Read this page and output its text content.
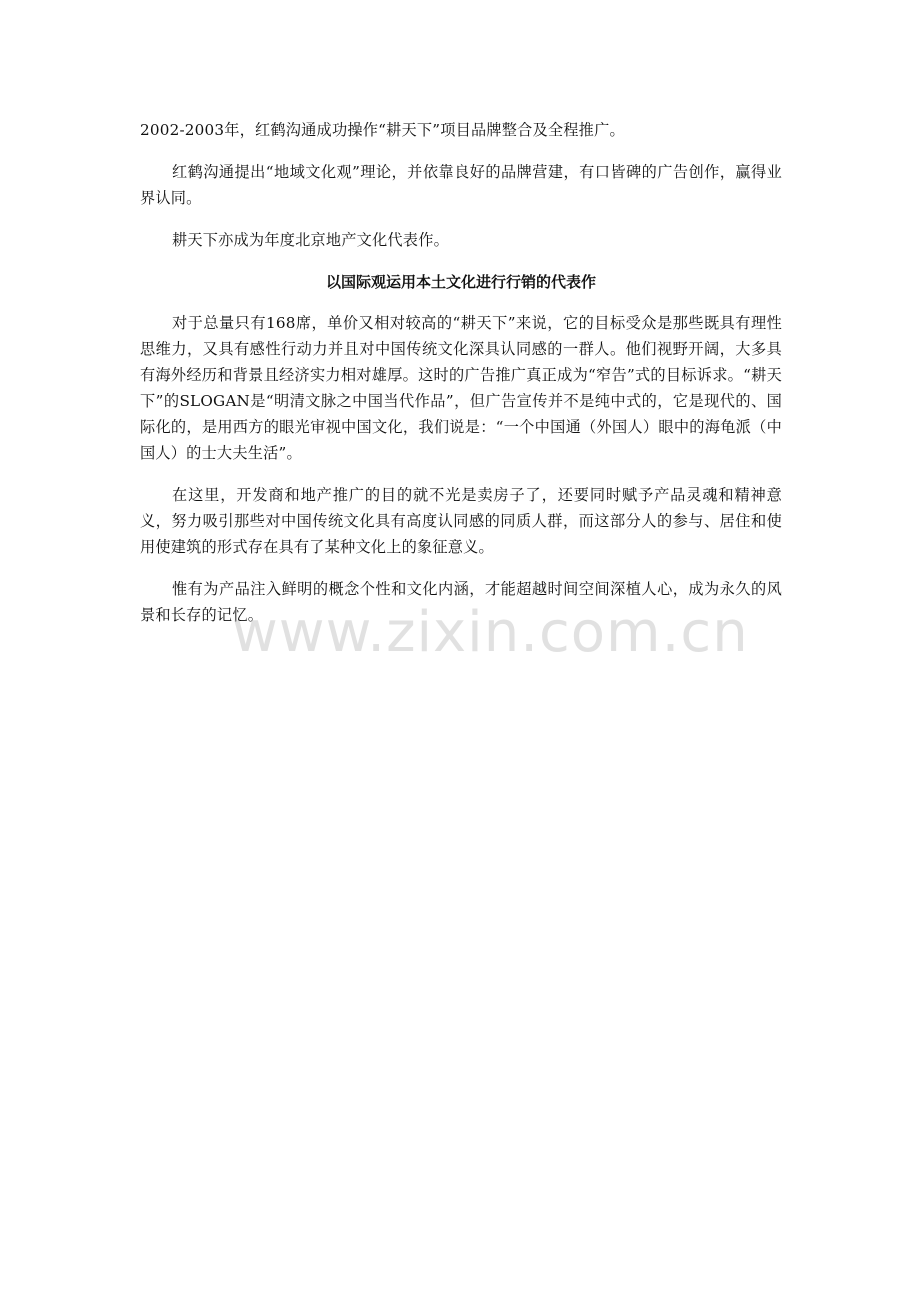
2002-2003年，红鹤沟通成功操作“耕天下”项目品牌整合及全程推广。

红鹤沟通提出“地域文化观”理论，并依靠良好的品牌营建，有口皆碑的广告创作，赢得业界认同。

耕天下亦成为年度北京地产文化代表作。

以国际观运用本土文化进行行销的代表作

对于总量只有168席，单价又相对较高的“耕天下”来说，它的目标受众是那些既具有理性思维力，又具有感性行动力并且对中国传统文化深具认同感的一群人。他们视野开阔，大多具有海外经历和背景且经济实力相对雄厚。这时的广告推广真正成为“窄告”式的目标诉求。“耕天下”的SLOGAN是“明清文脉之中国当代作品”，但广告宣传并不是纯中式的，它是现代的、国际化的，是用西方的眼光审视中国文化，我们说是：“一个中国通（外国人）眼中的海龟派（中国人）的士大夫生活”。

在这里，开发商和地产推广的目的就不光是卖房子了，还要同时赋予产品灵魂和精神意义，努力吸引那些对中国传统文化具有高度认同感的同质人群，而这部分人的参与、居住和使用使建筑的形式存在具有了某种文化上的象征意义。

惟有为产品注入鲜明的概念个性和文化内涵，才能超越时间空间深植人心，成为永久的风景和长存的记忆。

www.zixin.com.cn
